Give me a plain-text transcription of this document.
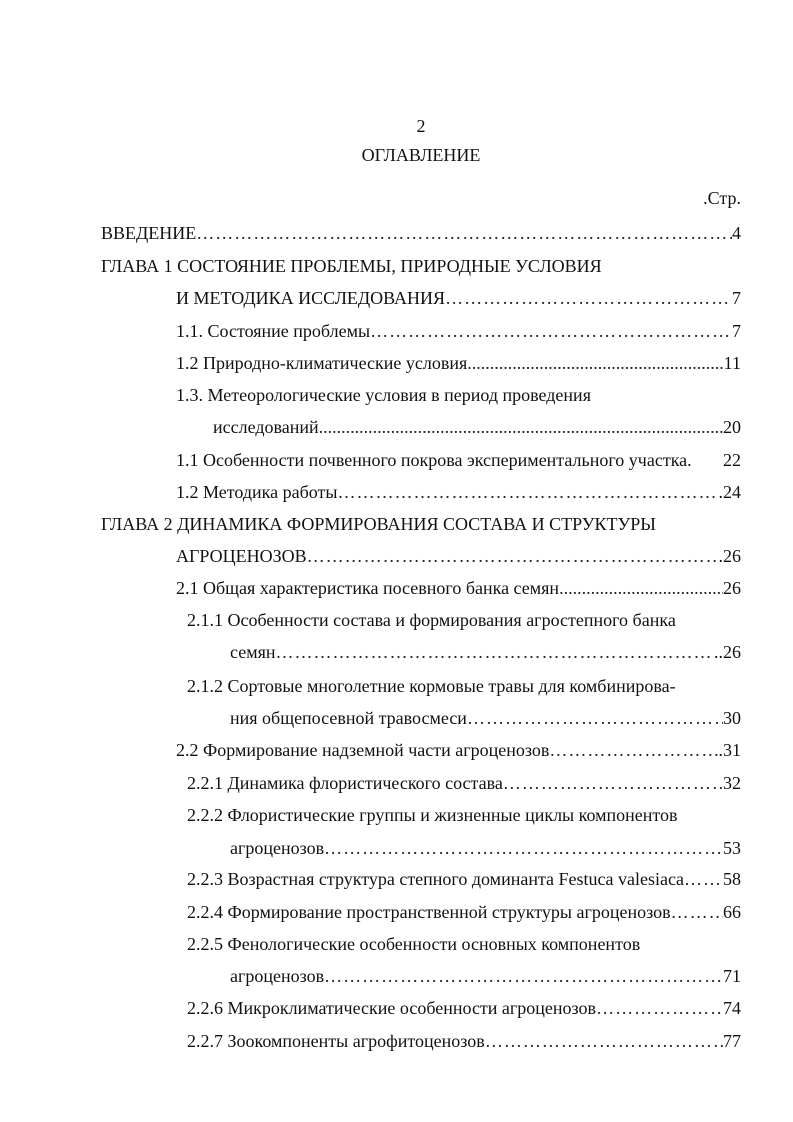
2
ОГЛАВЛЕНИЕ
.Стр.
ВВЕДЕНИЕ ………………………………………………………………………………………………………………………………………………………………………………	4
ГЛАВА 1 СОСТОЯНИЕ ПРОБЛЕМЫ, ПРИРОДНЫЕ УСЛОВИЯ
И МЕТОДИКА ИССЛЕДОВАНИЯ ………………………………………………………………………………………………………………………………………………………………………………	7
1.1. Состояние проблемы ………………………………………………………………………………………………………………………………………………………………………………	7
1.2 Природно-климатические условия .....	11
1.3. Метеорологические условия в период проведения
исследований .....	20
1.1 Особенности почвенного покрова экспериментального участка. 22
1.2 Методика работы ………………………………………………………………………………………………………………………………………………………………………………	.24
ГЛАВА 2 ДИНАМИКА ФОРМИРОВАНИЯ СОСТАВА И СТРУКТУРЫ
АГРОЦЕНОЗОВ ………………………………………………………………………………………………………………………………………………………………………………	.26
2.1 Общая характеристика посевного банка семян .....	26
2.1.1 Особенности состава и формирования агростепного банка
семян ………………………………………………………………………………………………………………………………………………………………………………	..26
2.1.2 Сортовые многолетние кормовые травы для комбинирова-
ния общепосевной травосмеси ………………………………………………………………………………………………………………………………………………………………………………	30
2.2 Формирование надземной части агроценозов ………………………………………………………………………………………………………………………………………………………………………………	.31
2.2.1 Динамика флористического состава ………………………………………………………………………………………………………………………………………………………………………………	32
2.2.2 Флористические группы и жизненные циклы компонентов
агроценозов ………………………………………………………………………………………………………………………………………………………………………………	53
2.2.3 Возрастная структура степного доминанта Festuca valesiaca ……………………………………………………………………………………………………………………………………………………………………………… 58
2.2.4 Формирование пространственной структуры агроценозов ………………………………………………………………………………………………………………………………………………………………………………	66
2.2.5 Фенологические особенности основных компонентов
агроценозов ………………………………………………………………………………………………………………………………………………………………………………	71
2.2.6 Микроклиматические особенности агроценозов ………………………………………………………………………………………………………………………………………………………………………………	74
2.2.7 Зоокомпоненты агрофитоценозов ………………………………………………………………………………………………………………………………………………………………………………	77
